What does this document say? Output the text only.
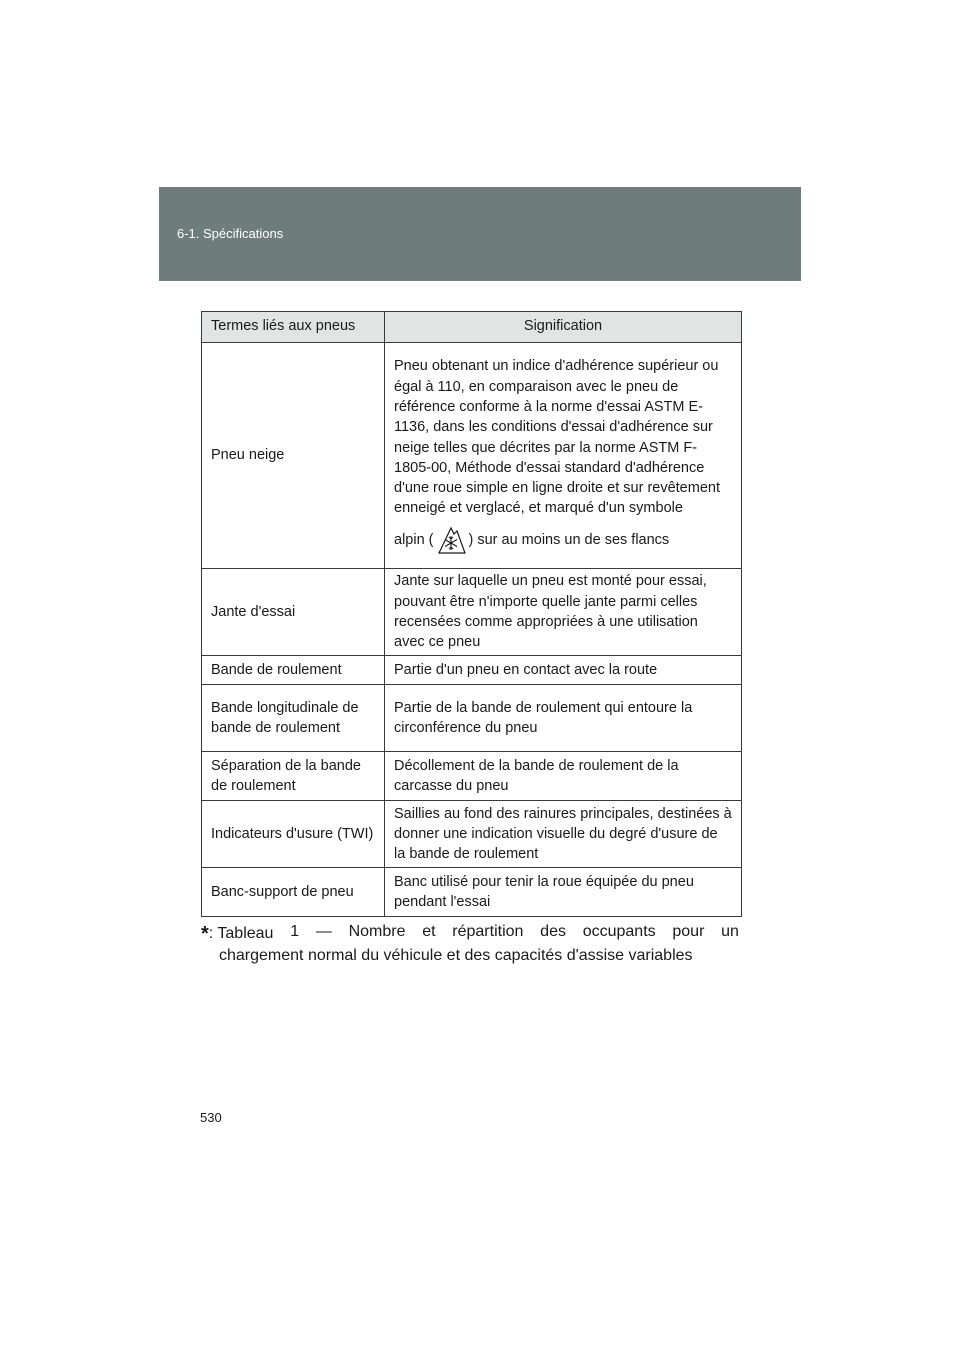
6-1. Spécifications
Termes liés aux pneus	Signification
Pneu neige	Pneu obtenant un indice d'adhérence supérieur ou égal à 110, en comparaison avec le pneu de référence conforme à la norme d'essai ASTM E-1136, dans les conditions d'essai d'adhérence sur neige telles que décrites par la norme ASTM F-1805-00, Méthode d'essai standard d'adhérence d'une roue simple en ligne droite et sur revêtement enneigé et verglacé, et marqué d'un symbole
alpin ( ) sur au moins un de ses flancs

Jante d'essai	Jante sur laquelle un pneu est monté pour essai, pouvant être n'importe quelle jante parmi celles recensées comme appropriées à une utilisation avec ce pneu
Bande de roulement	Partie d'un pneu en contact avec la route
Bande longitudinale de bande de roulement	Partie de la bande de roulement qui entoure la circonférence du pneu
Séparation de la bande de roulement	Décollement de la bande de roulement de la carcasse du pneu
Indicateurs d'usure (TWI)	Saillies au fond des rainures principales, destinées à donner une indication visuelle du degré d'usure de la bande de roulement
Banc-support de pneu	Banc utilisé pour tenir la roue équipée du pneu pendant l'essai
*: Tableau 1 — Nombre et répartition des occupants pour un
chargement normal du véhicule et des capacités d'assise variables
530
